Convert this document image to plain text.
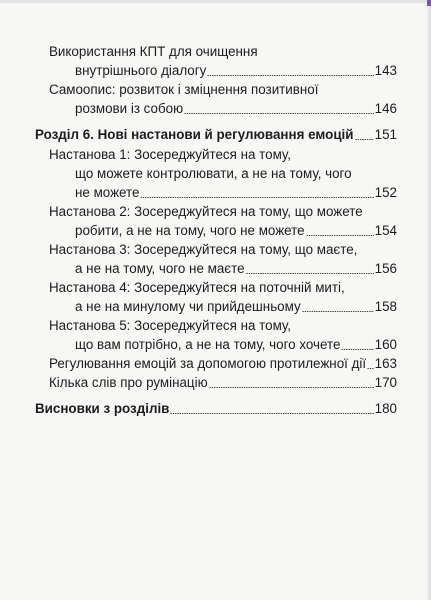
Використання КПТ для очищення
внутрішнього діалогу	143
Самоопис: розвиток і зміцнення позитивної
розмови із собою	146
Розділ 6. Нові настанови й регулювання емоцій 151
Настанова 1: Зосереджуйтеся на тому,
що можете контролювати, а не на тому, чого
не можете	152
Настанова 2: Зосереджуйтеся на тому, що можете
робити, а не на тому, чого не можете	154
Настанова 3: Зосереджуйтеся на тому, що маєте,
а не на тому, чого не маєте	156
Настанова 4: Зосереджуйтеся на поточній миті,
а не на минулому чи прийдешньому	158
Настанова 5: Зосереджуйтеся на тому,
що вам потрібно, а не на тому, чого хочете	160
Регулювання емоцій за допомогою протилежної дії 163
Кілька слів про румінацію	170
Висновки з розділів	180
